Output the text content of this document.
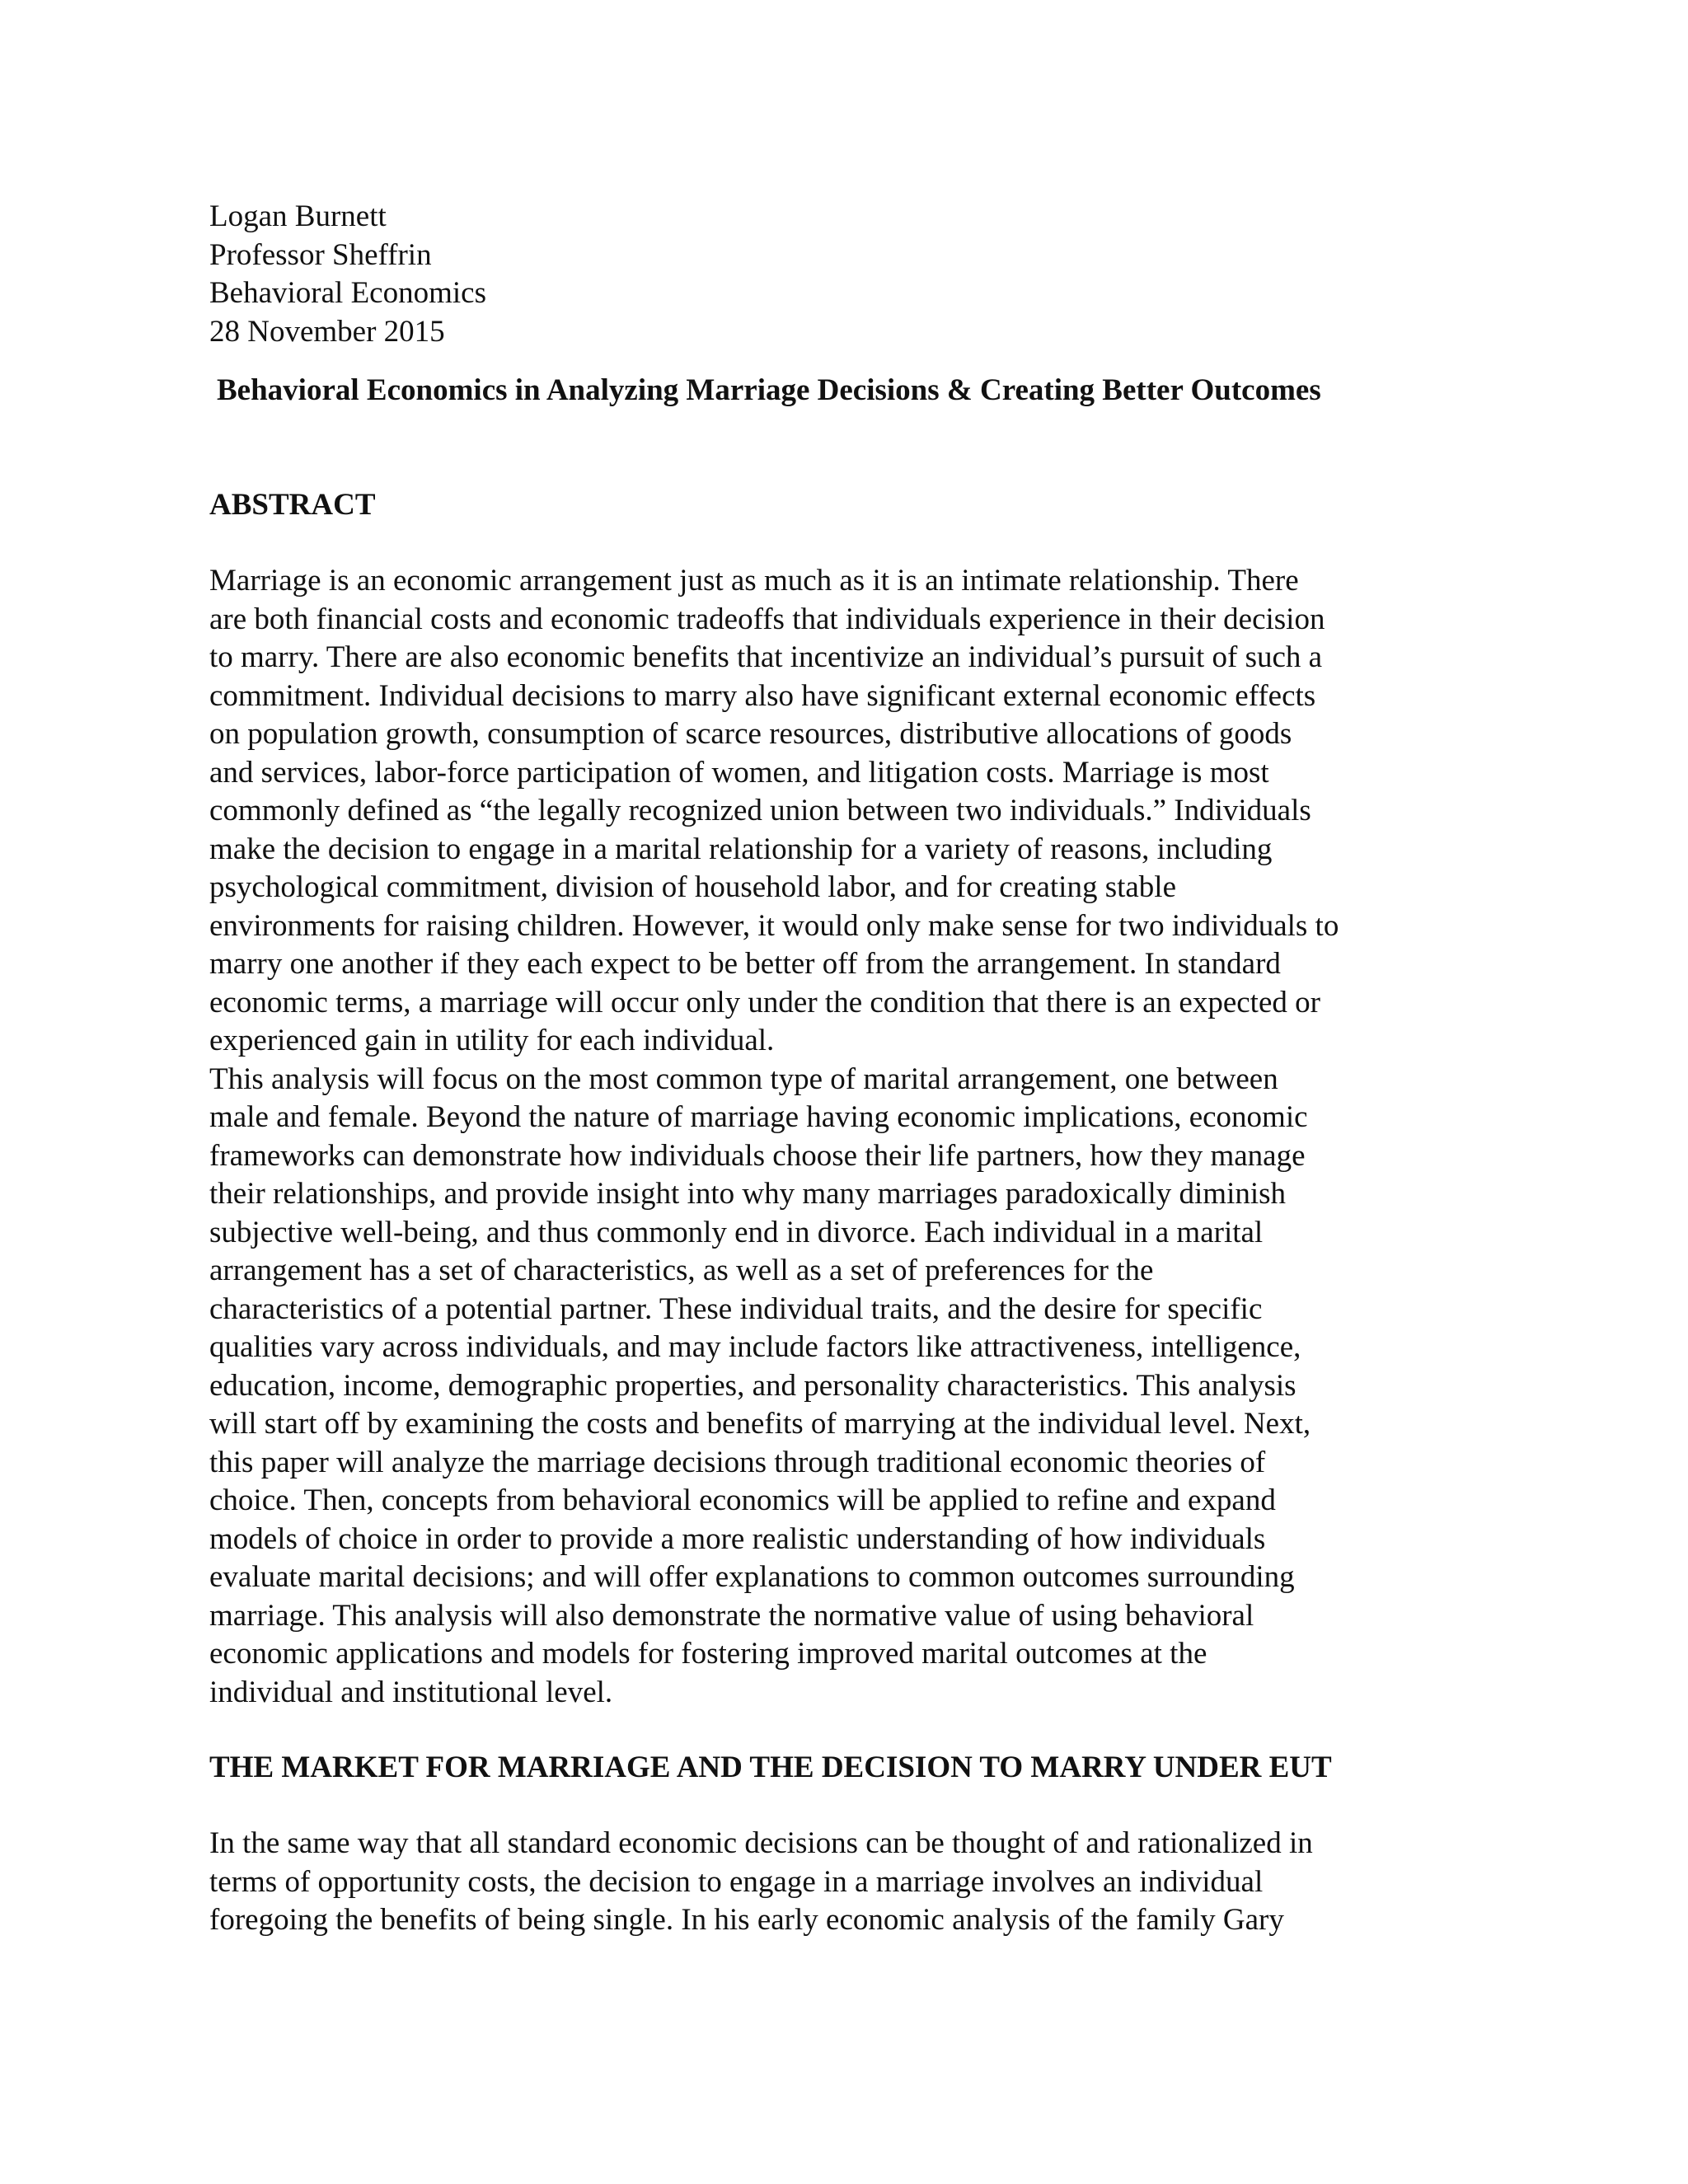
Logan Burnett
Professor Sheffrin
Behavioral Economics
28 November 2015
Behavioral Economics in Analyzing Marriage Decisions & Creating Better Outcomes
ABSTRACT
Marriage is an economic arrangement just as much as it is an intimate relationship. There
are both financial costs and economic tradeoffs that individuals experience in their decision
to marry. There are also economic benefits that incentivize an individual’s pursuit of such a
commitment. Individual decisions to marry also have significant external economic effects
on population growth, consumption of scarce resources, distributive allocations of goods
and services, labor-force participation of women, and litigation costs. Marriage is most
commonly defined as “the legally recognized union between two individuals.” Individuals
make the decision to engage in a marital relationship for a variety of reasons, including
psychological commitment, division of household labor, and for creating stable
environments for raising children. However, it would only make sense for two individuals to
marry one another if they each expect to be better off from the arrangement. In standard
economic terms, a marriage will occur only under the condition that there is an expected or
experienced gain in utility for each individual.
This analysis will focus on the most common type of marital arrangement, one between
male and female. Beyond the nature of marriage having economic implications, economic
frameworks can demonstrate how individuals choose their life partners, how they manage
their relationships, and provide insight into why many marriages paradoxically diminish
subjective well-being, and thus commonly end in divorce. Each individual in a marital
arrangement has a set of characteristics, as well as a set of preferences for the
characteristics of a potential partner. These individual traits, and the desire for specific
qualities vary across individuals, and may include factors like attractiveness, intelligence,
education, income, demographic properties, and personality characteristics. This analysis
will start off by examining the costs and benefits of marrying at the individual level. Next,
this paper will analyze the marriage decisions through traditional economic theories of
choice. Then, concepts from behavioral economics will be applied to refine and expand
models of choice in order to provide a more realistic understanding of how individuals
evaluate marital decisions; and will offer explanations to common outcomes surrounding
marriage. This analysis will also demonstrate the normative value of using behavioral
economic applications and models for fostering improved marital outcomes at the
individual and institutional level.
THE MARKET FOR MARRIAGE AND THE DECISION TO MARRY UNDER EUT
In the same way that all standard economic decisions can be thought of and rationalized in
terms of opportunity costs, the decision to engage in a marriage involves an individual
foregoing the benefits of being single. In his early economic analysis of the family Gary
